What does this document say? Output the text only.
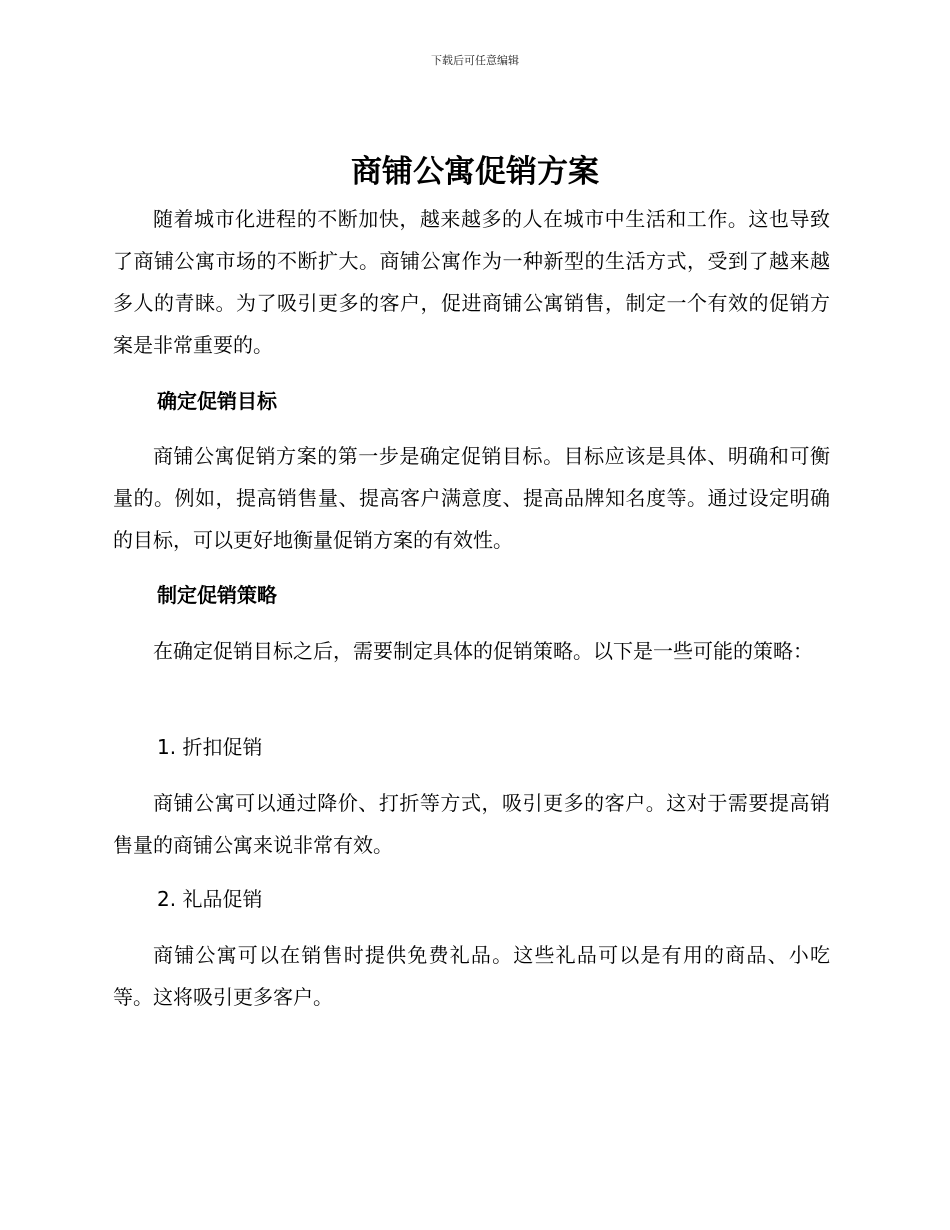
下载后可任意编辑
商铺公寓促销方案

随着城市化进程的不断加快，越来越多的人在城市中生活和工作。这也导致了商铺公寓市场的不断扩大。商铺公寓作为一种新型的生活方式，受到了越来越多人的青睐。为了吸引更多的客户，促进商铺公寓销售，制定一个有效的促销方案是非常重要的。

确定促销目标

商铺公寓促销方案的第一步是确定促销目标。目标应该是具体、明确和可衡量的。例如，提高销售量、提高客户满意度、提高品牌知名度等。通过设定明确的目标，可以更好地衡量促销方案的有效性。

制定促销策略

在确定促销目标之后，需要制定具体的促销策略。以下是一些可能的策略：

1. 折扣促销

商铺公寓可以通过降价、打折等方式，吸引更多的客户。这对于需要提高销售量的商铺公寓来说非常有效。

2. 礼品促销

商铺公寓可以在销售时提供免费礼品。这些礼品可以是有用的商品、小吃等。这将吸引更多客户。
